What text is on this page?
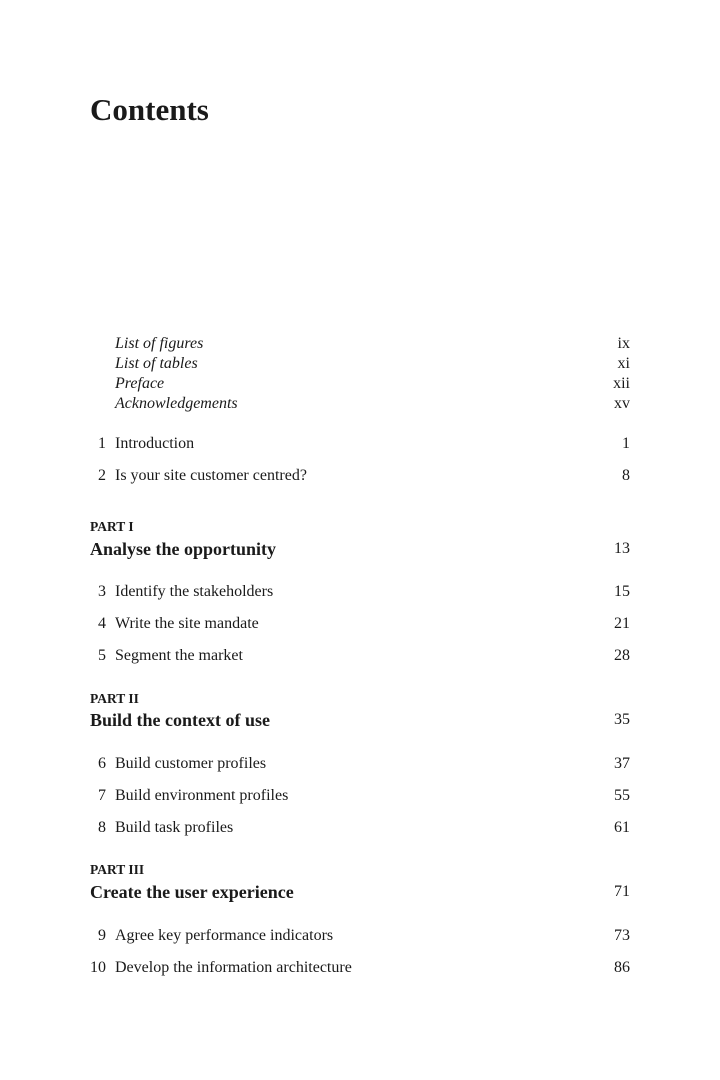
Contents
List of figures	ix
List of tables	xi
Preface	xii
Acknowledgements	xv
1 Introduction	1
2 Is your site customer centred?	8
PART I
Analyse the opportunity	13
3 Identify the stakeholders	15
4 Write the site mandate	21
5 Segment the market	28
PART II
Build the context of use	35
6 Build customer profiles	37
7 Build environment profiles	55
8 Build task profiles	61
PART III
Create the user experience	71
9 Agree key performance indicators	73
10 Develop the information architecture	86
